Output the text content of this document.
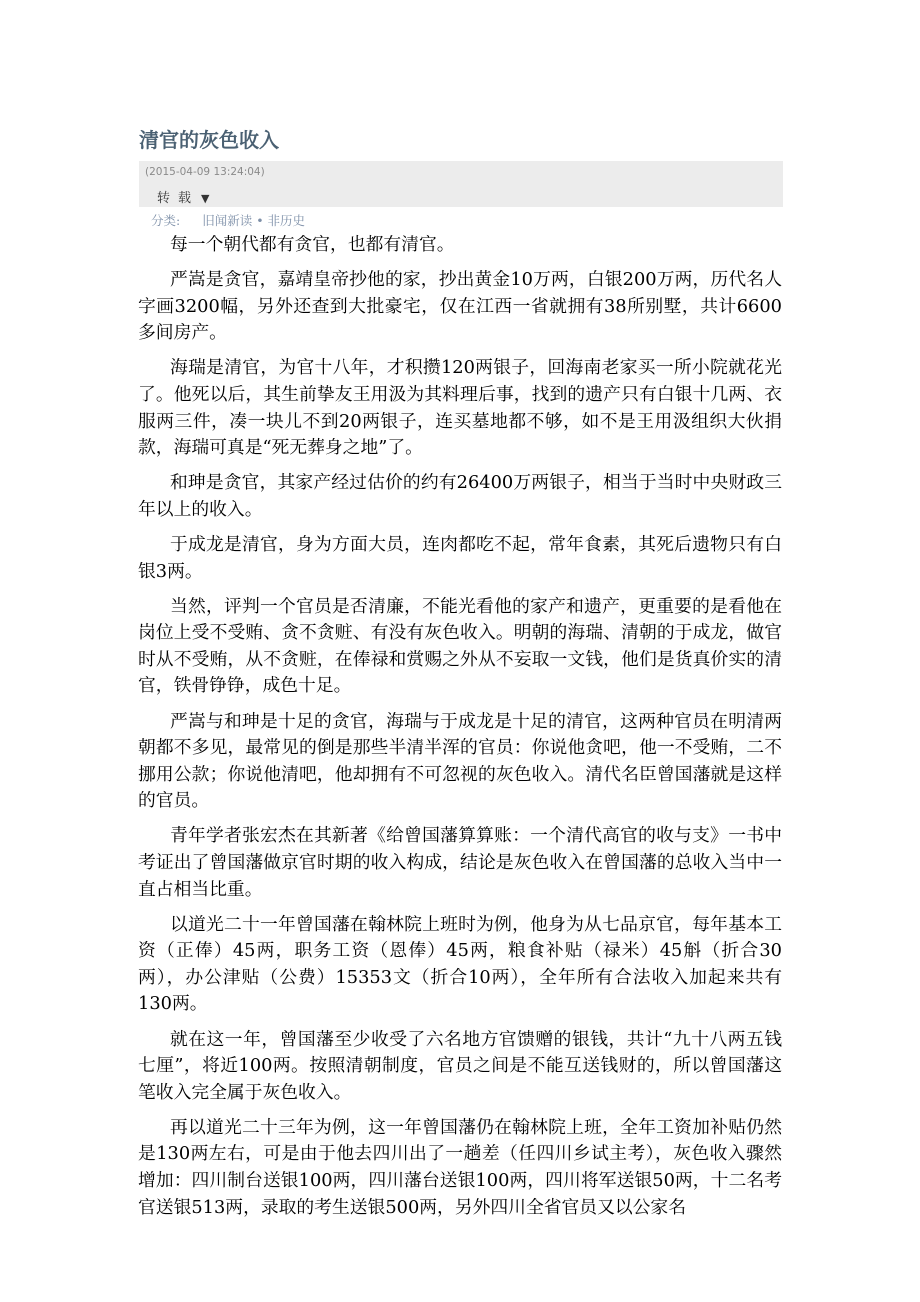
清官的灰色收入
(2015-04-09 13:24:04)
转载 ▼
分类: 旧闻新读 • 非历史

每一个朝代都有贪官，也都有清官。

严嵩是贪官，嘉靖皇帝抄他的家，抄出黄金10万两，白银200万两，历代名人字画3200幅，另外还查到大批豪宅，仅在江西一省就拥有38所别墅，共计6600多间房产。

海瑞是清官，为官十八年，才积攒120两银子，回海南老家买一所小院就花光了。他死以后，其生前挚友王用汲为其料理后事，找到的遗产只有白银十几两、衣服两三件，凑一块儿不到20两银子，连买墓地都不够，如不是王用汲组织大伙捐款，海瑞可真是“死无葬身之地”了。

和珅是贪官，其家产经过估价的约有26400万两银子，相当于当时中央财政三年以上的收入。

于成龙是清官，身为方面大员，连肉都吃不起，常年食素，其死后遗物只有白银3两。

当然，评判一个官员是否清廉，不能光看他的家产和遗产，更重要的是看他在岗位上受不受贿、贪不贪赃、有没有灰色收入。明朝的海瑞、清朝的于成龙，做官时从不受贿，从不贪赃，在俸禄和赏赐之外从不妄取一文钱，他们是货真价实的清官，铁骨铮铮，成色十足。

严嵩与和珅是十足的贪官，海瑞与于成龙是十足的清官，这两种官员在明清两朝都不多见，最常见的倒是那些半清半浑的官员：你说他贪吧，他一不受贿，二不挪用公款；你说他清吧，他却拥有不可忽视的灰色收入。清代名臣曾国藩就是这样的官员。

青年学者张宏杰在其新著《给曾国藩算算账：一个清代高官的收与支》一书中考证出了曾国藩做京官时期的收入构成，结论是灰色收入在曾国藩的总收入当中一直占相当比重。

以道光二十一年曾国藩在翰林院上班时为例，他身为从七品京官，每年基本工资（正俸）45两，职务工资（恩俸）45两，粮食补贴（禄米）45斛（折合30两），办公津贴（公费）15353文（折合10两），全年所有合法收入加起来共有130两。

就在这一年，曾国藩至少收受了六名地方官馈赠的银钱，共计“九十八两五钱七厘”，将近100两。按照清朝制度，官员之间是不能互送钱财的，所以曾国藩这笔收入完全属于灰色收入。

再以道光二十三年为例，这一年曾国藩仍在翰林院上班，全年工资加补贴仍然是130两左右，可是由于他去四川出了一趟差（任四川乡试主考），灰色收入骤然增加：四川制台送银100两，四川藩台送银100两，四川将军送银50两，十二名考官送银513两，录取的考生送银500两，另外四川全省官员又以公家名
